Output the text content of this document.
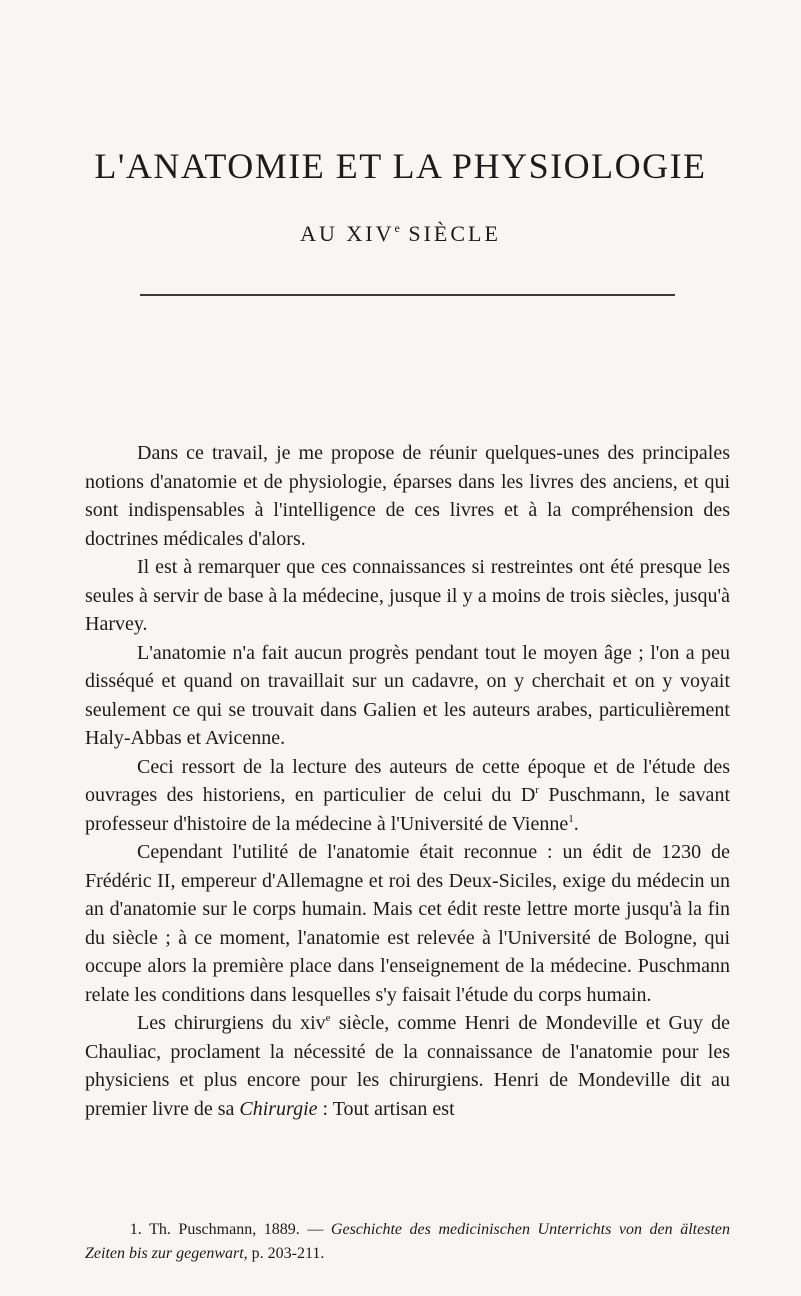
L'ANATOMIE ET LA PHYSIOLOGIE
AU XIVe SIÈCLE

Dans ce travail, je me propose de réunir quelques-unes des principales notions d'anatomie et de physiologie, éparses dans les livres des anciens, et qui sont indispensables à l'intelligence de ces livres et à la compréhension des doctrines médicales d'alors.

Il est à remarquer que ces connaissances si restreintes ont été presque les seules à servir de base à la médecine, jusque il y a moins de trois siècles, jusqu'à Harvey.

L'anatomie n'a fait aucun progrès pendant tout le moyen âge ; l'on a peu disséqué et quand on travaillait sur un cadavre, on y cherchait et on y voyait seulement ce qui se trouvait dans Galien et les auteurs arabes, particulièrement Haly-Abbas et Avicenne.

Ceci ressort de la lecture des auteurs de cette époque et de l'étude des ouvrages des historiens, en particulier de celui du $D^r$ Puschmann, le savant professeur d'histoire de la médecine à l'Université de Vienne$^1$.

Cependant l'utilité de l'anatomie était reconnue : un édit de 1230 de Frédéric II, empereur d'Allemagne et roi des Deux-Siciles, exige du médecin un an d'anatomie sur le corps humain. Mais cet édit reste lettre morte jusqu'à la fin du siècle ; à ce moment, l'anatomie est relevée à l'Université de Bologne, qui occupe alors la première place dans l'enseignement de la médecine. Puschmann relate les conditions dans lesquelles s'y faisait l'étude du corps humain.

Les chirurgiens du xiv$^e$ siècle, comme Henri de Mondeville et Guy de Chauliac, proclament la nécessité de la connaissance de l'anatomie pour les physiciens et plus encore pour les chirurgiens. Henri de Mondeville dit au premier livre de sa Chirurgie : Tout artisan est

1. Th. Puschmann, 1889. — Geschichte des medicinischen Unterrichts von den ältesten Zeiten bis zur gegenwart, p. 203-211.
